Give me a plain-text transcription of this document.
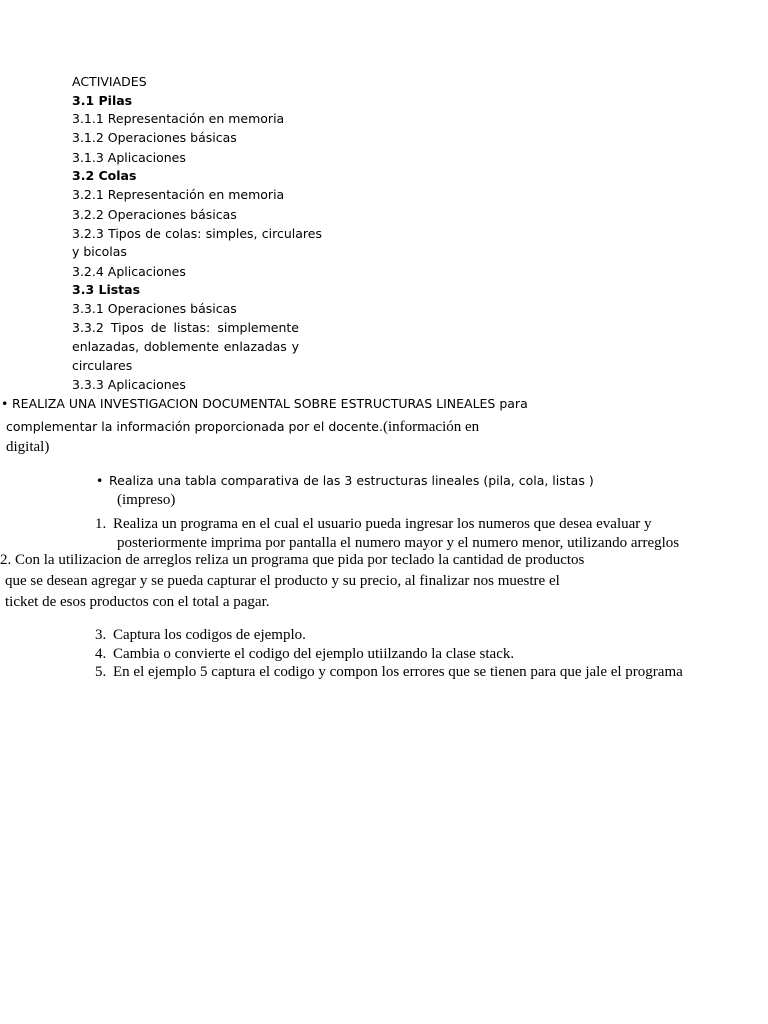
ACTIVIADES
3.1 Pilas
3.1.1 Representación en memoria
3.1.2 Operaciones básicas
3.1.3 Aplicaciones
3.2 Colas
3.2.1 Representación en memoria
3.2.2 Operaciones básicas
3.2.3 Tipos de colas: simples, circulares
y bicolas
3.2.4 Aplicaciones
3.3 Listas
3.3.1 Operaciones básicas
3.3.2 Tipos de listas: simplemente
enlazadas, doblemente enlazadas y
circulares
3.3.3 Aplicaciones
• REALIZA UNA INVESTIGACION DOCUMENTAL SOBRE ESTRUCTURAS LINEALES para
complementar la información proporcionada por el docente.(información en
digital)
• Realiza una tabla comparativa de las 3 estructuras lineales (pila, cola, listas )
(impreso)
1. Realiza un programa en el cual el usuario pueda ingresar los numeros que desea evaluar y
posteriormente imprima por pantalla el numero mayor y el numero menor, utilizando arreglos
2. Con la utilizacion de arreglos reliza un programa que pida por teclado la cantidad de productos
que se desean agregar y se pueda capturar el producto y su precio, al finalizar nos muestre el
ticket de esos productos con el total a pagar.
3. Captura los codigos de ejemplo.
4. Cambia o convierte el codigo del ejemplo utiilzando la clase stack.
5. En el ejemplo 5 captura el codigo y compon los errores que se tienen para que jale el programa
